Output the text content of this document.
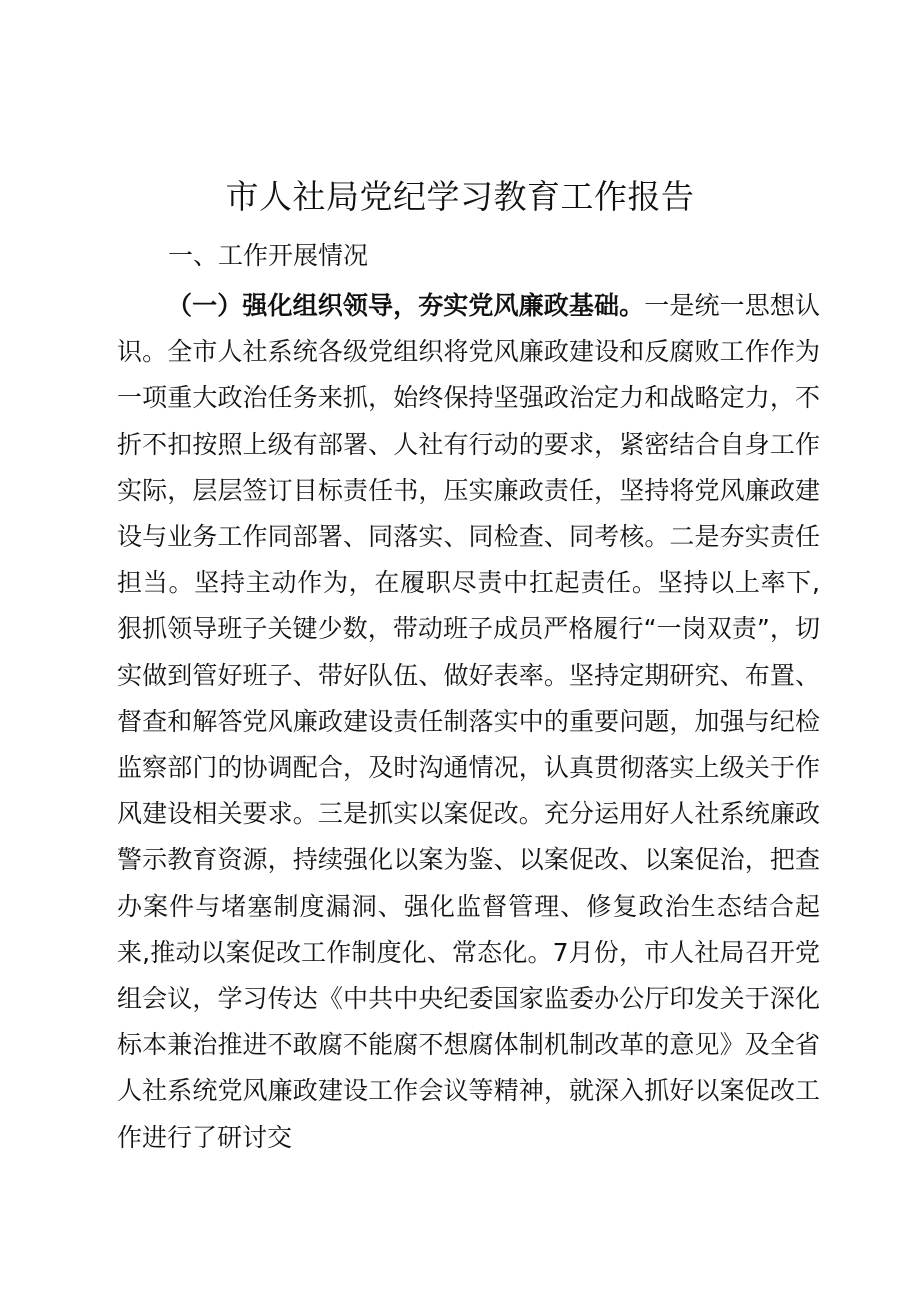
市人社局党纪学习教育工作报告
一、工作开展情况

（一）强化组织领导，夯实党风廉政基础。一是统一思想认识。全市人社系统各级党组织将党风廉政建设和反腐败工作作为一项重大政治任务来抓，始终保持坚强政治定力和战略定力，不折不扣按照上级有部署、人社有行动的要求，紧密结合自身工作实际，层层签订目标责任书，压实廉政责任，坚持将党风廉政建设与业务工作同部署、同落实、同检查、同考核。二是夯实责任担当。坚持主动作为，在履职尽责中扛起责任。坚持以上率下,狠抓领导班子关键少数，带动班子成员严格履行“一岗双责”，切实做到管好班子、带好队伍、做好表率。坚持定期研究、布置、督查和解答党风廉政建设责任制落实中的重要问题，加强与纪检监察部门的协调配合，及时沟通情况，认真贯彻落实上级关于作风建设相关要求。三是抓实以案促改。充分运用好人社系统廉政警示教育资源，持续强化以案为鉴、以案促改、以案促治，把查办案件与堵塞制度漏洞、强化监督管理、修复政治生态结合起来,推动以案促改工作制度化、常态化。7月份，市人社局召开党组会议，学习传达《中共中央纪委国家监委办公厅印发关于深化标本兼治推进不敢腐不能腐不想腐体制机制改革的意见》及全省人社系统党风廉政建设工作会议等精神，就深入抓好以案促改工作进行了研讨交
